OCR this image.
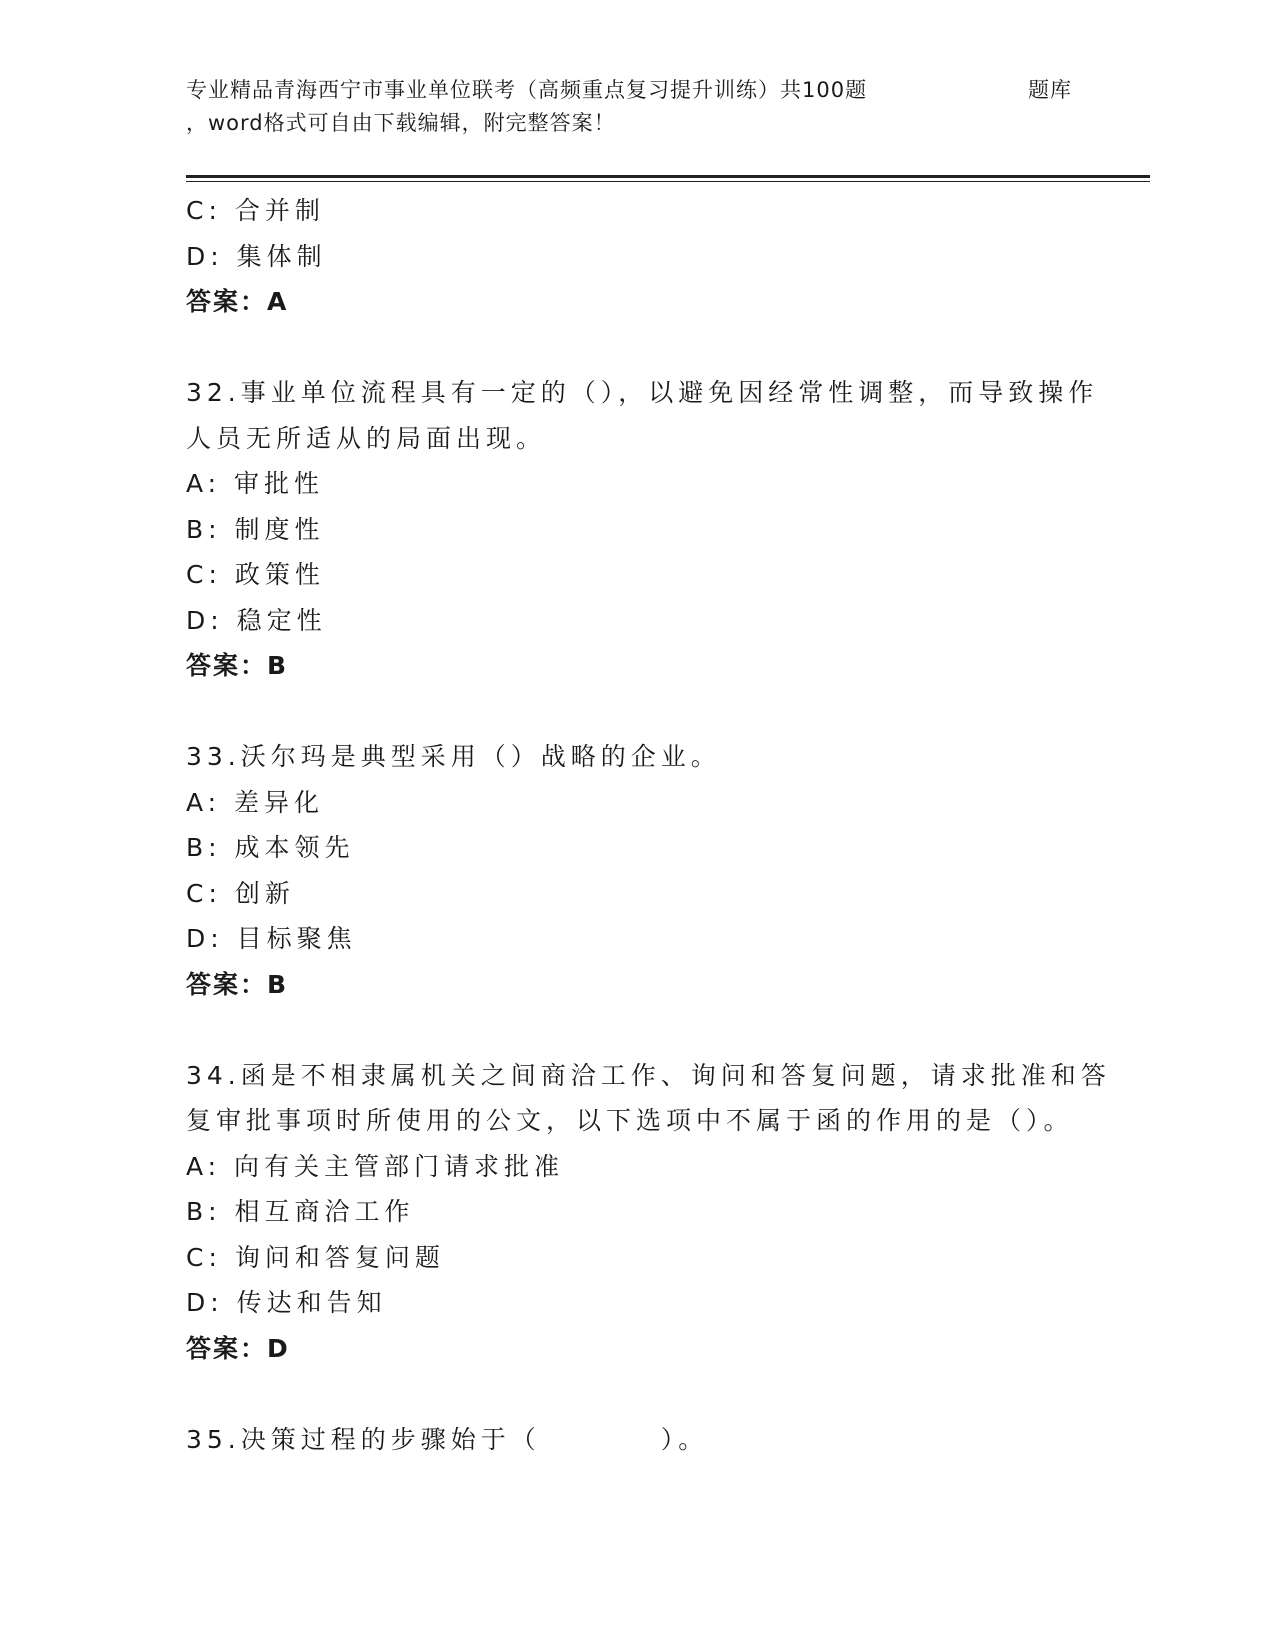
专业精品青海西宁市事业单位联考（高频重点复习提升训练）共100题	题库
，word格式可自由下载编辑，附完整答案！
C: 合并制
D: 集体制
答案：A
32.事业单位流程具有一定的（），以避免因经常性调整，而导致操作
人员无所适从的局面出现。
A: 审批性
B: 制度性
C: 政策性
D: 稳定性
答案：B
33.沃尔玛是典型采用（）战略的企业。
A: 差异化
B: 成本领先
C: 创新
D: 目标聚焦
答案：B
34.函是不相隶属机关之间商洽工作、询问和答复问题，请求批准和答
复审批事项时所使用的公文，以下选项中不属于函的作用的是（）。
A: 向有关主管部门请求批准
B: 相互商洽工作
C: 询问和答复问题
D: 传达和告知
答案：D
35.决策过程的步骤始于（　　　　）。
